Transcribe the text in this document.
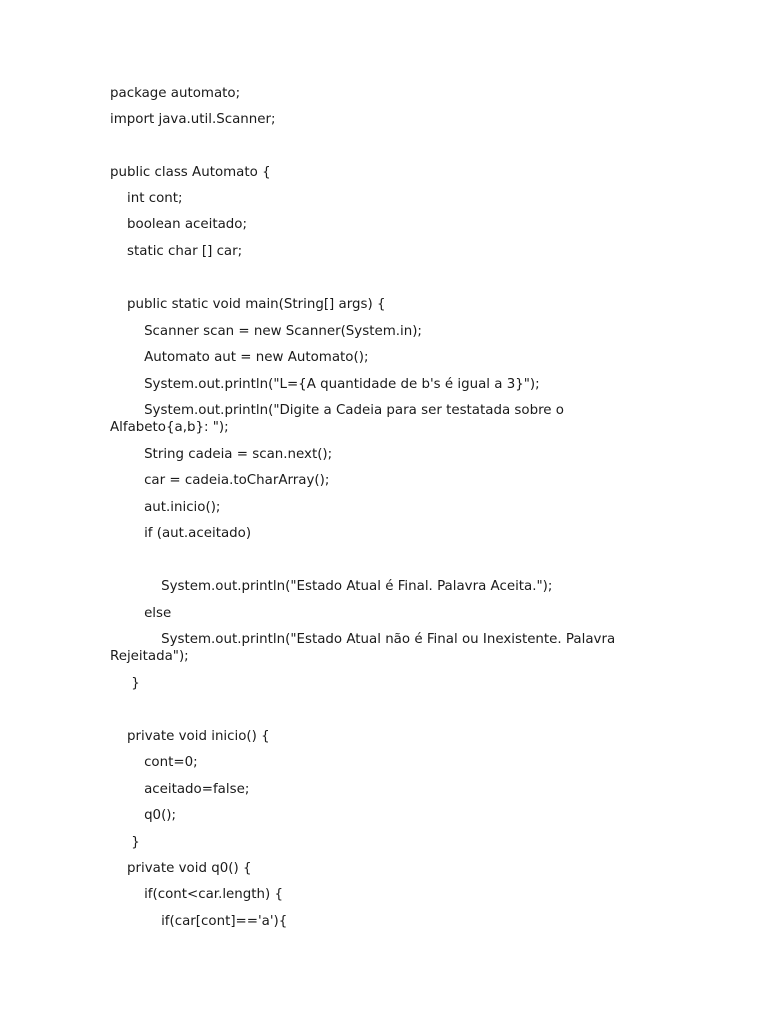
package automato;
import java.util.Scanner;
public class Automato {
int cont;
boolean aceitado;
static char [] car;
public static void main(String[] args) {
Scanner scan = new Scanner(System.in);
Automato aut = new Automato();
System.out.println("L={A quantidade de b's é igual a 3}");
System.out.println("Digite a Cadeia para ser testatada sobre o Alfabeto{a,b}: ");
String cadeia = scan.next();
car = cadeia.toCharArray();
aut.inicio();
if (aut.aceitado)
System.out.println("Estado Atual é Final. Palavra Aceita.");
else
System.out.println("Estado Atual não é Final ou Inexistente. Palavra Rejeitada");
}
private void inicio() {
cont=0;
aceitado=false;
q0();
}
private void q0() {
if(cont<car.length) {
if(car[cont]=='a'){
